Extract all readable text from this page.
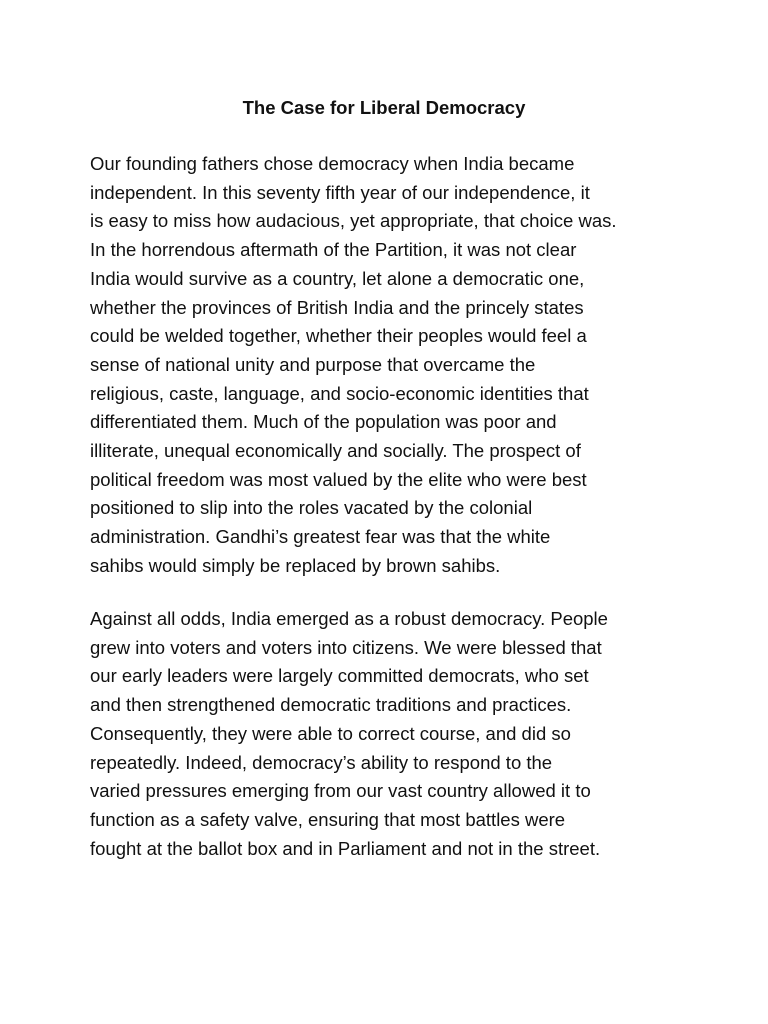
The Case for Liberal Democracy

Our founding fathers chose democracy when India became
independent. In this seventy fifth year of our independence, it
is easy to miss how audacious, yet appropriate, that choice was.
In the horrendous aftermath of the Partition, it was not clear
India would survive as a country, let alone a democratic one,
whether the provinces of British India and the princely states
could be welded together, whether their peoples would feel a
sense of national unity and purpose that overcame the
religious, caste, language, and socio-economic identities that
differentiated them. Much of the population was poor and
illiterate, unequal economically and socially. The prospect of
political freedom was most valued by the elite who were best
positioned to slip into the roles vacated by the colonial
administration. Gandhi’s greatest fear was that the white
sahibs would simply be replaced by brown sahibs.

Against all odds, India emerged as a robust democracy. People
grew into voters and voters into citizens. We were blessed that
our early leaders were largely committed democrats, who set
and then strengthened democratic traditions and practices.
Consequently, they were able to correct course, and did so
repeatedly. Indeed, democracy’s ability to respond to the
varied pressures emerging from our vast country allowed it to
function as a safety valve, ensuring that most battles were
fought at the ballot box and in Parliament and not in the street.
